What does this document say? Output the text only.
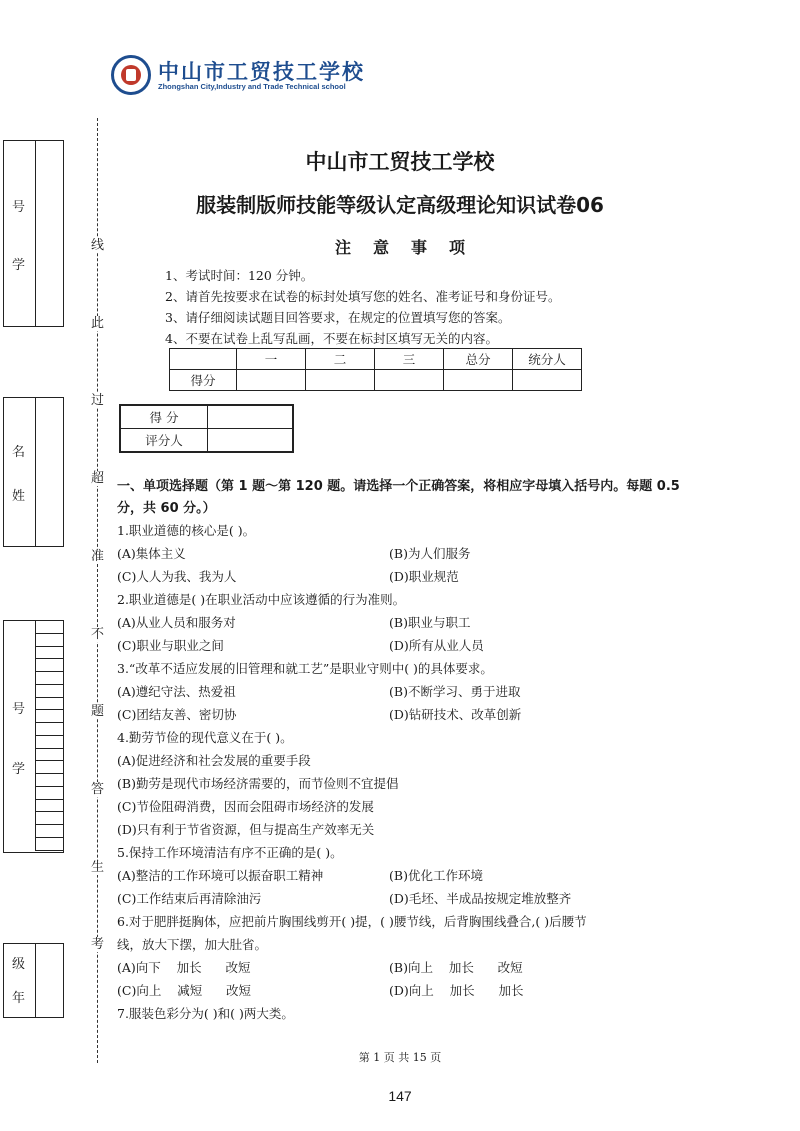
中山市工贸技工学校
Zhongshan City,Industry and Trade Technical school
号
学
名
姓
号
学
级
年
线
此
过
超
准
不
题
答
生
考
中山市工贸技工学校
服装制版师技能等级认定高级理论知识试卷06
注意事项
1、考试时间：120 分钟。
2、请首先按要求在试卷的标封处填写您的姓名、准考证号和身份证号。
3、请仔细阅读试题目回答要求，在规定的位置填写您的答案。
4、不要在试卷上乱写乱画，不要在标封区填写无关的内容。
	一	二	三	总分	统分人
得分					
得 分	
评分人	
一、单项选择题（第 1 题～第 120 题。请选择一个正确答案，将相应字母填入括号内。每题 0.5 分，共 60 分。）
1.职业道德的核心是( )。
(A)集体主义	(B)为人们服务
(C)人人为我、我为人	(D)职业规范
2.职业道德是( )在职业活动中应该遵循的行为准则。
(A)从业人员和服务对	(B)职业与职工
(C)职业与职业之间	(D)所有从业人员
3.“改革不适应发展的旧管理和就工艺”是职业守则中( )的具体要求。
(A)遵纪守法、热爱祖	(B)不断学习、勇于进取
(C)团结友善、密切协	(D)钻研技术、改革创新
4.勤劳节俭的现代意义在于( )。
(A)促进经济和社会发展的重要手段
(B)勤劳是现代市场经济需要的，而节俭则不宜提倡
(C)节俭阻碍消费，因而会阻碍市场经济的发展
(D)只有利于节省资源，但与提高生产效率无关
5.保持工作环境清洁有序不正确的是( )。
(A)整洁的工作环境可以振奋职工精神	(B)优化工作环境
(C)工作结束后再清除油污	(D)毛坯、半成品按规定堆放整齐
6.对于肥胖挺胸体，应把前片胸围线剪开( )提，( )腰节线，后背胸围线叠合,( )后腰节
线，放大下摆，加大肚省。
(A)向下    加长      改短	(B)向上    加长      改短
(C)向上    减短      改短	(D)向上    加长      加长
7.服装色彩分为( )和( )两大类。
第 1 页 共 15 页
147
